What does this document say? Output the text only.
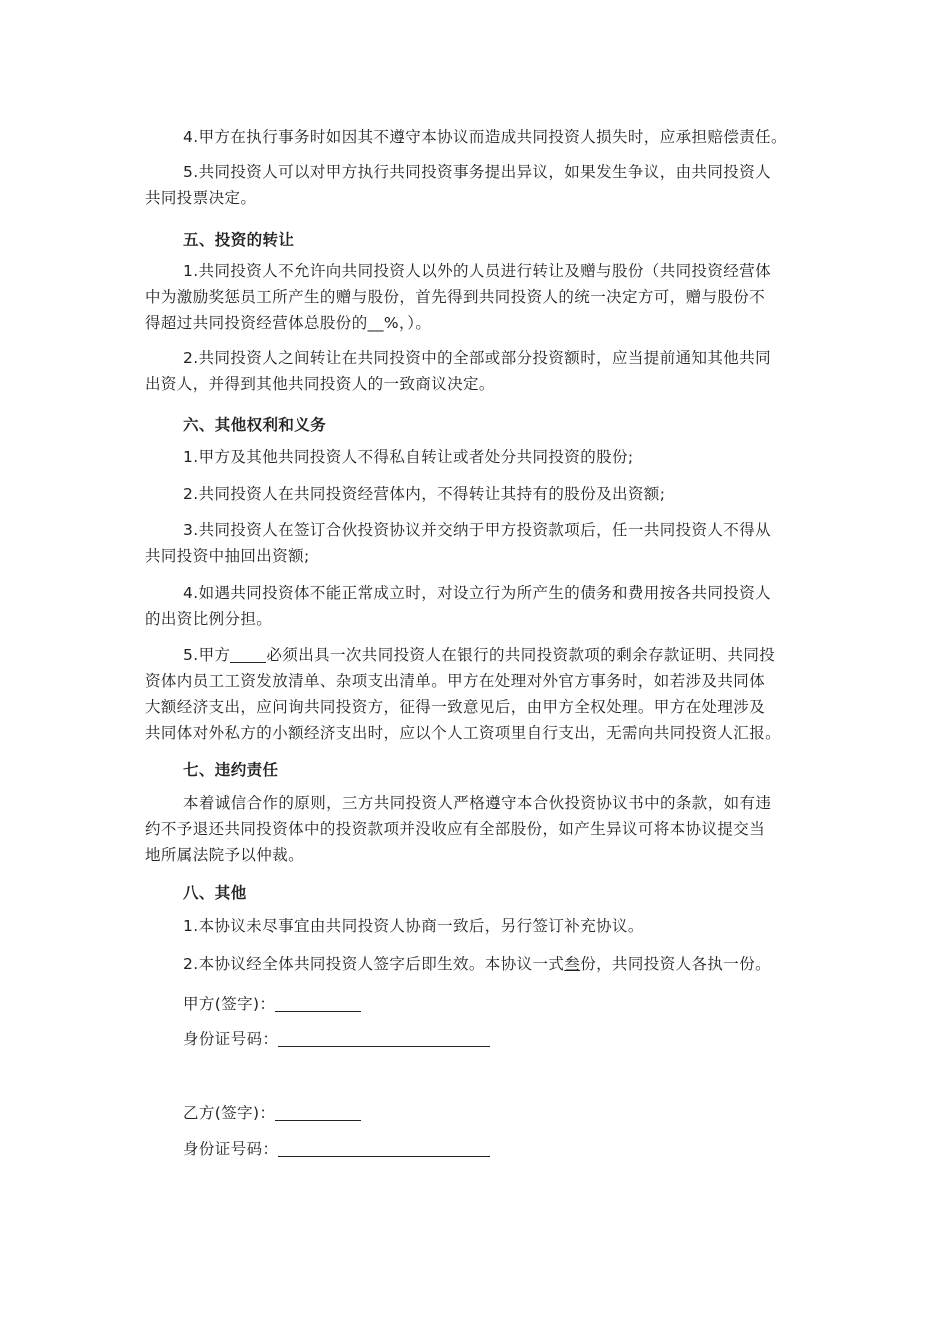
4.甲方在执行事务时如因其不遵守本协议而造成共同投资人损失时，应承担赔偿责任。
5.共同投资人可以对甲方执行共同投资事务提出异议，如果发生争议，由共同投资人
共同投票决定。
五、投资的转让
1.共同投资人不允许向共同投资人以外的人员进行转让及赠与股份（共同投资经营体
中为激励奖惩员工所产生的赠与股份，首先得到共同投资人的统一决定方可，赠与股份不
得超过共同投资经营体总股份的__%，）。
2.共同投资人之间转让在共同投资中的全部或部分投资额时，应当提前通知其他共同
出资人，并得到其他共同投资人的一致商议决定。
六、其他权利和义务
1.甲方及其他共同投资人不得私自转让或者处分共同投资的股份;
2.共同投资人在共同投资经营体内，不得转让其持有的股份及出资额;
3.共同投资人在签订合伙投资协议并交纳于甲方投资款项后，任一共同投资人不得从
共同投资中抽回出资额;
4.如遇共同投资体不能正常成立时，对设立行为所产生的债务和费用按各共同投资人
的出资比例分担。
5.甲方 必须出具一次共同投资人在银行的共同投资款项的剩余存款证明、共同投
资体内员工工资发放清单、杂项支出清单。甲方在处理对外官方事务时，如若涉及共同体
大额经济支出，应问询共同投资方，征得一致意见后，由甲方全权处理。甲方在处理涉及
共同体对外私方的小额经济支出时，应以个人工资项里自行支出，无需向共同投资人汇报。
七、违约责任
本着诚信合作的原则，三方共同投资人严格遵守本合伙投资协议书中的条款，如有违
约不予退还共同投资体中的投资款项并没收应有全部股份，如产生异议可将本协议提交当
地所属法院予以仲裁。
八、其他
1.本协议未尽事宜由共同投资人协商一致后，另行签订补充协议。
2.本协议经全体共同投资人签字后即生效。本协议一式叁份，共同投资人各执一份。
甲方(签字)：
身份证号码：
乙方(签字)：
身份证号码：
